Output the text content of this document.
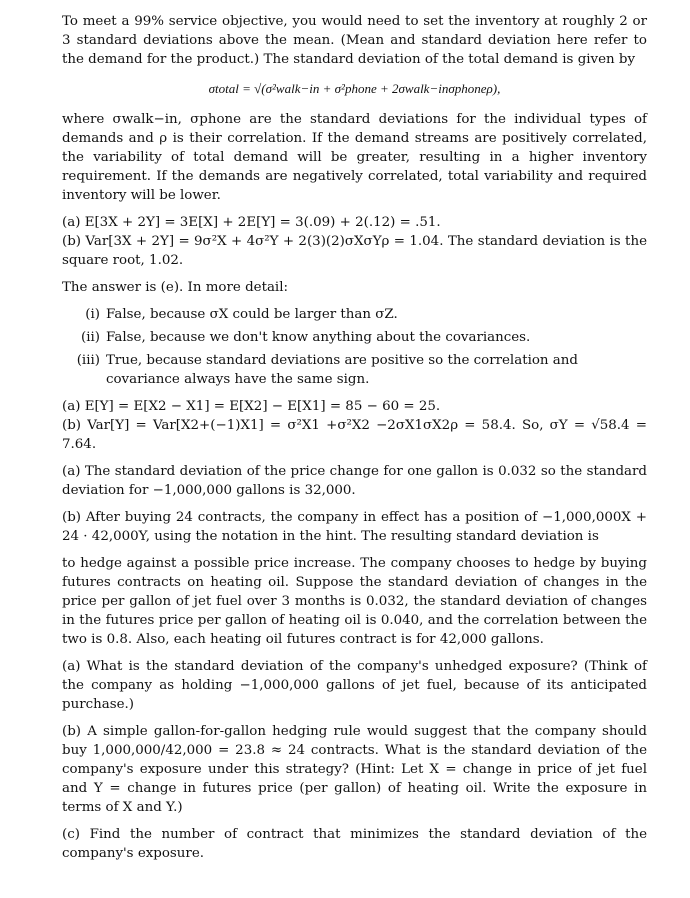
To meet a 99% service objective, you would need to set the inventory at roughly 2 or 3 standard deviations above the mean. (Mean and standard deviation here refer to the demand for the product.) The standard deviation of the total demand is given by

σtotal = √(σ²walk−in + σ²phone + 2σwalk−inσphoneρ),

where σwalk−in, σphone are the standard deviations for the individual types of demands and ρ is their correlation. If the demand streams are positively correlated, the variability of total demand will be greater, resulting in a higher inventory requirement. If the demands are negatively correlated, total variability and required inventory will be lower.

(a) E[3X + 2Y] = 3E[X] + 2E[Y] = 3(.09) + 2(.12) = .51.

(b) Var[3X + 2Y] = 9σ²X + 4σ²Y + 2(3)(2)σXσYρ = 1.04. The standard deviation is the square root, 1.02.

The answer is (e). In more detail:

(i) False, because σX could be larger than σZ.
(ii) False, because we don't know anything about the covariances.
(iii) True, because standard deviations are positive so the correlation and covariance always have the same sign.

(a) E[Y] = E[X2 − X1] = E[X2] − E[X1] = 85 − 60 = 25.

(b) Var[Y] = Var[X2+(−1)X1] = σ²X1 +σ²X2 −2σX1σX2ρ = 58.4. So, σY = √58.4 = 7.64.

(a) The standard deviation of the price change for one gallon is 0.032 so the standard deviation for −1,000,000 gallons is 32,000.

(b) After buying 24 contracts, the company in effect has a position of −1,000,000X + 24 · 42,000Y, using the notation in the hint. The resulting standard deviation is

to hedge against a possible price increase. The company chooses to hedge by buying futures contracts on heating oil. Suppose the standard deviation of changes in the price per gallon of jet fuel over 3 months is 0.032, the standard deviation of changes in the futures price per gallon of heating oil is 0.040, and the correlation between the two is 0.8. Also, each heating oil futures contract is for 42,000 gallons.

(a) What is the standard deviation of the company's unhedged exposure? (Think of the company as holding −1,000,000 gallons of jet fuel, because of its anticipated purchase.)

(b) A simple gallon-for-gallon hedging rule would suggest that the company should buy 1,000,000/42,000 = 23.8 ≈ 24 contracts. What is the standard deviation of the company's exposure under this strategy? (Hint: Let X = change in price of jet fuel and Y = change in futures price (per gallon) of heating oil. Write the exposure in terms of X and Y.)

(c) Find the number of contract that minimizes the standard deviation of the company's exposure.
